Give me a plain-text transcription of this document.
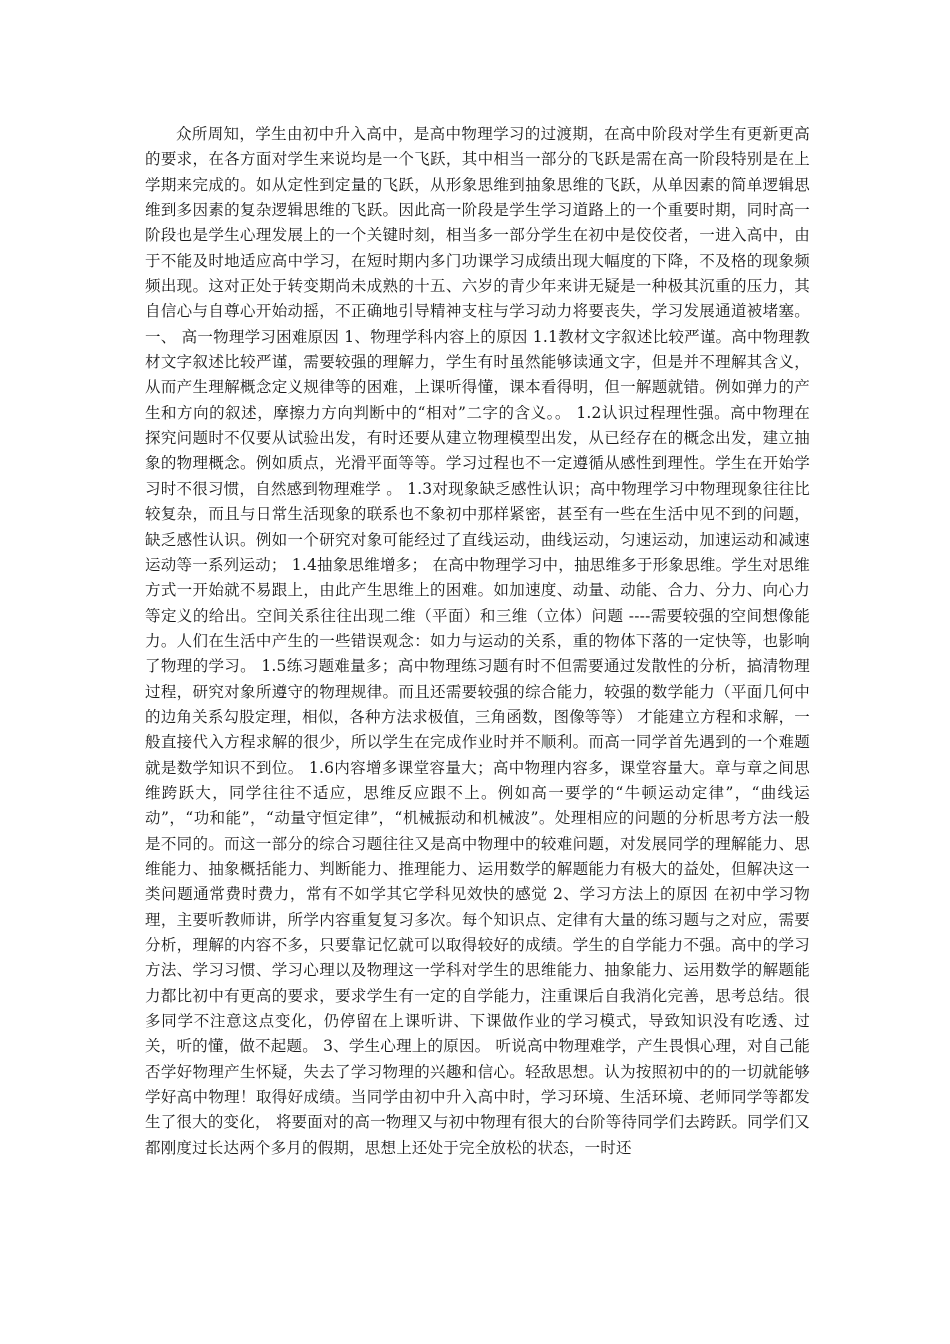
众所周知，学生由初中升入高中，是高中物理学习的过渡期，在高中阶段对学生有更新更高的要求，在各方面对学生来说均是一个飞跃，其中相当一部分的飞跃是需在高一阶段特别是在上学期来完成的。如从定性到定量的飞跃，从形象思维到抽象思维的飞跃，从单因素的简单逻辑思维到多因素的复杂逻辑思维的飞跃。因此高一阶段是学生学习道路上的一个重要时期，同时高一阶段也是学生心理发展上的一个关键时刻，相当多一部分学生在初中是佼佼者，一进入高中，由于不能及时地适应高中学习，在短时期内多门功课学习成绩出现大幅度的下降，不及格的现象频频出现。这对正处于转变期尚未成熟的十五、六岁的青少年来讲无疑是一种极其沉重的压力，其自信心与自尊心开始动摇，不正确地引导精神支柱与学习动力将要丧失，学习发展通道被堵塞。 一、 高一物理学习困难原因 1、物理学科内容上的原因 1.1教材文字叙述比较严谨。高中物理教材文字叙述比较严谨，需要较强的理解力，学生有时虽然能够读通文字，但是并不理解其含义，从而产生理解概念定义规律等的困难，上课听得懂，课本看得明，但一解题就错。例如弹力的产生和方向的叙述，摩擦力方向判断中的“相对”二字的含义。。 1.2认识过程理性强。高中物理在探究问题时不仅要从试验出发，有时还要从建立物理模型出发，从已经存在的概念出发，建立抽象的物理概念。例如质点，光滑平面等等。学习过程也不一定遵循从感性到理性。学生在开始学习时不很习惯，自然感到物理难学 。 1.3对现象缺乏感性认识；高中物理学习中物理现象往往比较复杂，而且与日常生活现象的联系也不象初中那样紧密，甚至有一些在生活中见不到的问题，缺乏感性认识。例如一个研究对象可能经过了直线运动，曲线运动，匀速运动，加速运动和减速运动等一系列运动； 1.4抽象思维增多； 在高中物理学习中，抽思维多于形象思维。学生对思维方式一开始就不易跟上，由此产生思维上的困难。如加速度、动量、动能、合力、分力、向心力等定义的给出。空间关系往往出现二维（平面）和三维（立体）问题 ----需要较强的空间想像能力。人们在生活中产生的一些错误观念：如力与运动的关系，重的物体下落的一定快等，也影响了物理的学习。 1.5练习题难量多；高中物理练习题有时不但需要通过发散性的分析，搞清物理过程，研究对象所遵守的物理规律。而且还需要较强的综合能力，较强的数学能力（平面几何中的边角关系勾股定理，相似，各种方法求极值，三角函数，图像等等） 才能建立方程和求解，一般直接代入方程求解的很少，所以学生在完成作业时并不顺利。而高一同学首先遇到的一个难题就是数学知识不到位。 1.6内容增多课堂容量大；高中物理内容多，课堂容量大。章与章之间思维跨跃大，同学往往不适应，思维反应跟不上。例如高一要学的“牛顿运动定律”，“曲线运动”，“功和能”，“动量守恒定律”，“机械振动和机械波”。处理相应的问题的分析思考方法一般是不同的。而这一部分的综合习题往往又是高中物理中的较难问题，对发展同学的理解能力、思维能力、抽象概括能力、判断能力、推理能力、运用数学的解题能力有极大的益处，但解决这一类问题通常费时费力，常有不如学其它学科见效快的感觉 2、学习方法上的原因 在初中学习物理，主要听教师讲，所学内容重复复习多次。每个知识点、定律有大量的练习题与之对应，需要分析，理解的内容不多，只要靠记忆就可以取得较好的成绩。学生的自学能力不强。高中的学习方法、学习习惯、学习心理以及物理这一学科对学生的思维能力、抽象能力、运用数学的解题能力都比初中有更高的要求，要求学生有一定的自学能力，注重课后自我消化完善，思考总结。很多同学不注意这点变化，仍停留在上课听讲、下课做作业的学习模式，导致知识没有吃透、过关，听的懂，做不起题。 3、学生心理上的原因。 听说高中物理难学，产生畏惧心理，对自己能否学好物理产生怀疑，失去了学习物理的兴趣和信心。轻敌思想。认为按照初中的的一切就能够学好高中物理！取得好成绩。当同学由初中升入高中时，学习环境、生活环境、老师同学等都发生了很大的变化， 将要面对的高一物理又与初中物理有很大的台阶等待同学们去跨跃。同学们又都刚度过长达两个多月的假期，思想上还处于完全放松的状态，一时还
